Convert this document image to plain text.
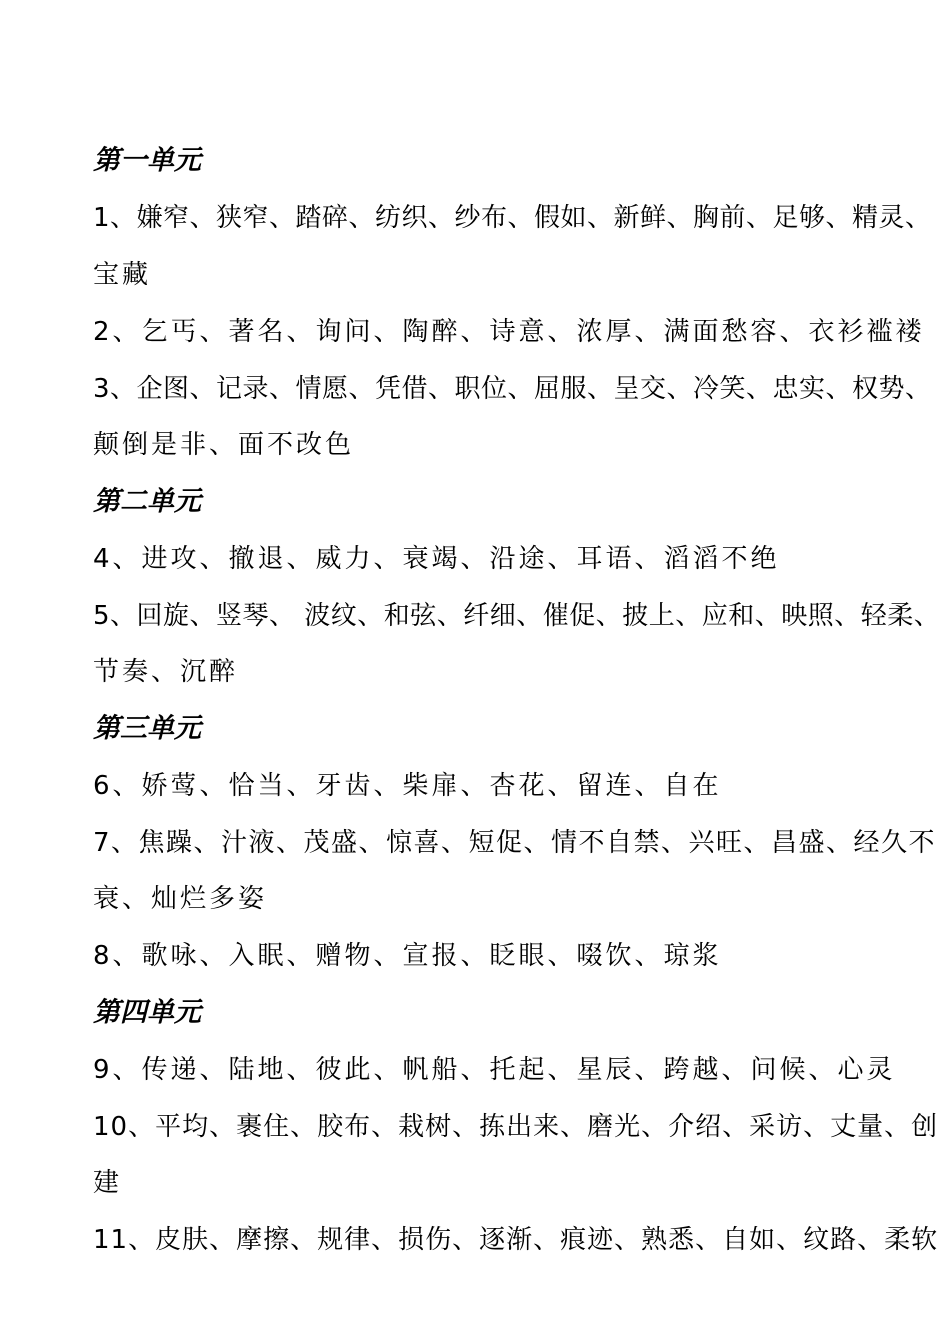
第一单元
1、嫌窄、狭窄、踏碎、纺织、纱布、假如、新鲜、胸前、足够、精灵、
宝藏
2、乞丐、著名、询问、陶醉、诗意、浓厚、满面愁容、衣衫褴褛
3、企图、记录、情愿、凭借、职位、屈服、呈交、冷笑、忠实、权势、
颠倒是非、面不改色
第二单元
4、进攻、撤退、威力、衰竭、沿途、耳语、滔滔不绝
5、回旋、竖琴、 波纹、和弦、纤细、催促、披上、应和、映照、轻柔、
节奏、沉醉
第三单元
6、娇莺、恰当、牙齿、柴扉、杏花、留连、自在
7、焦躁、汁液、茂盛、惊喜、短促、情不自禁、兴旺、昌盛、经久不
衰、灿烂多姿
8、歌咏、入眠、赠物、宣报、眨眼、啜饮、琼浆
第四单元
9、传递、陆地、彼此、帆船、托起、星辰、跨越、问候、心灵
10、平均、裹住、胶布、栽树、拣出来、磨光、介绍、采访、丈量、创
建
11、皮肤、摩擦、规律、损伤、逐渐、痕迹、熟悉、自如、纹路、柔软
